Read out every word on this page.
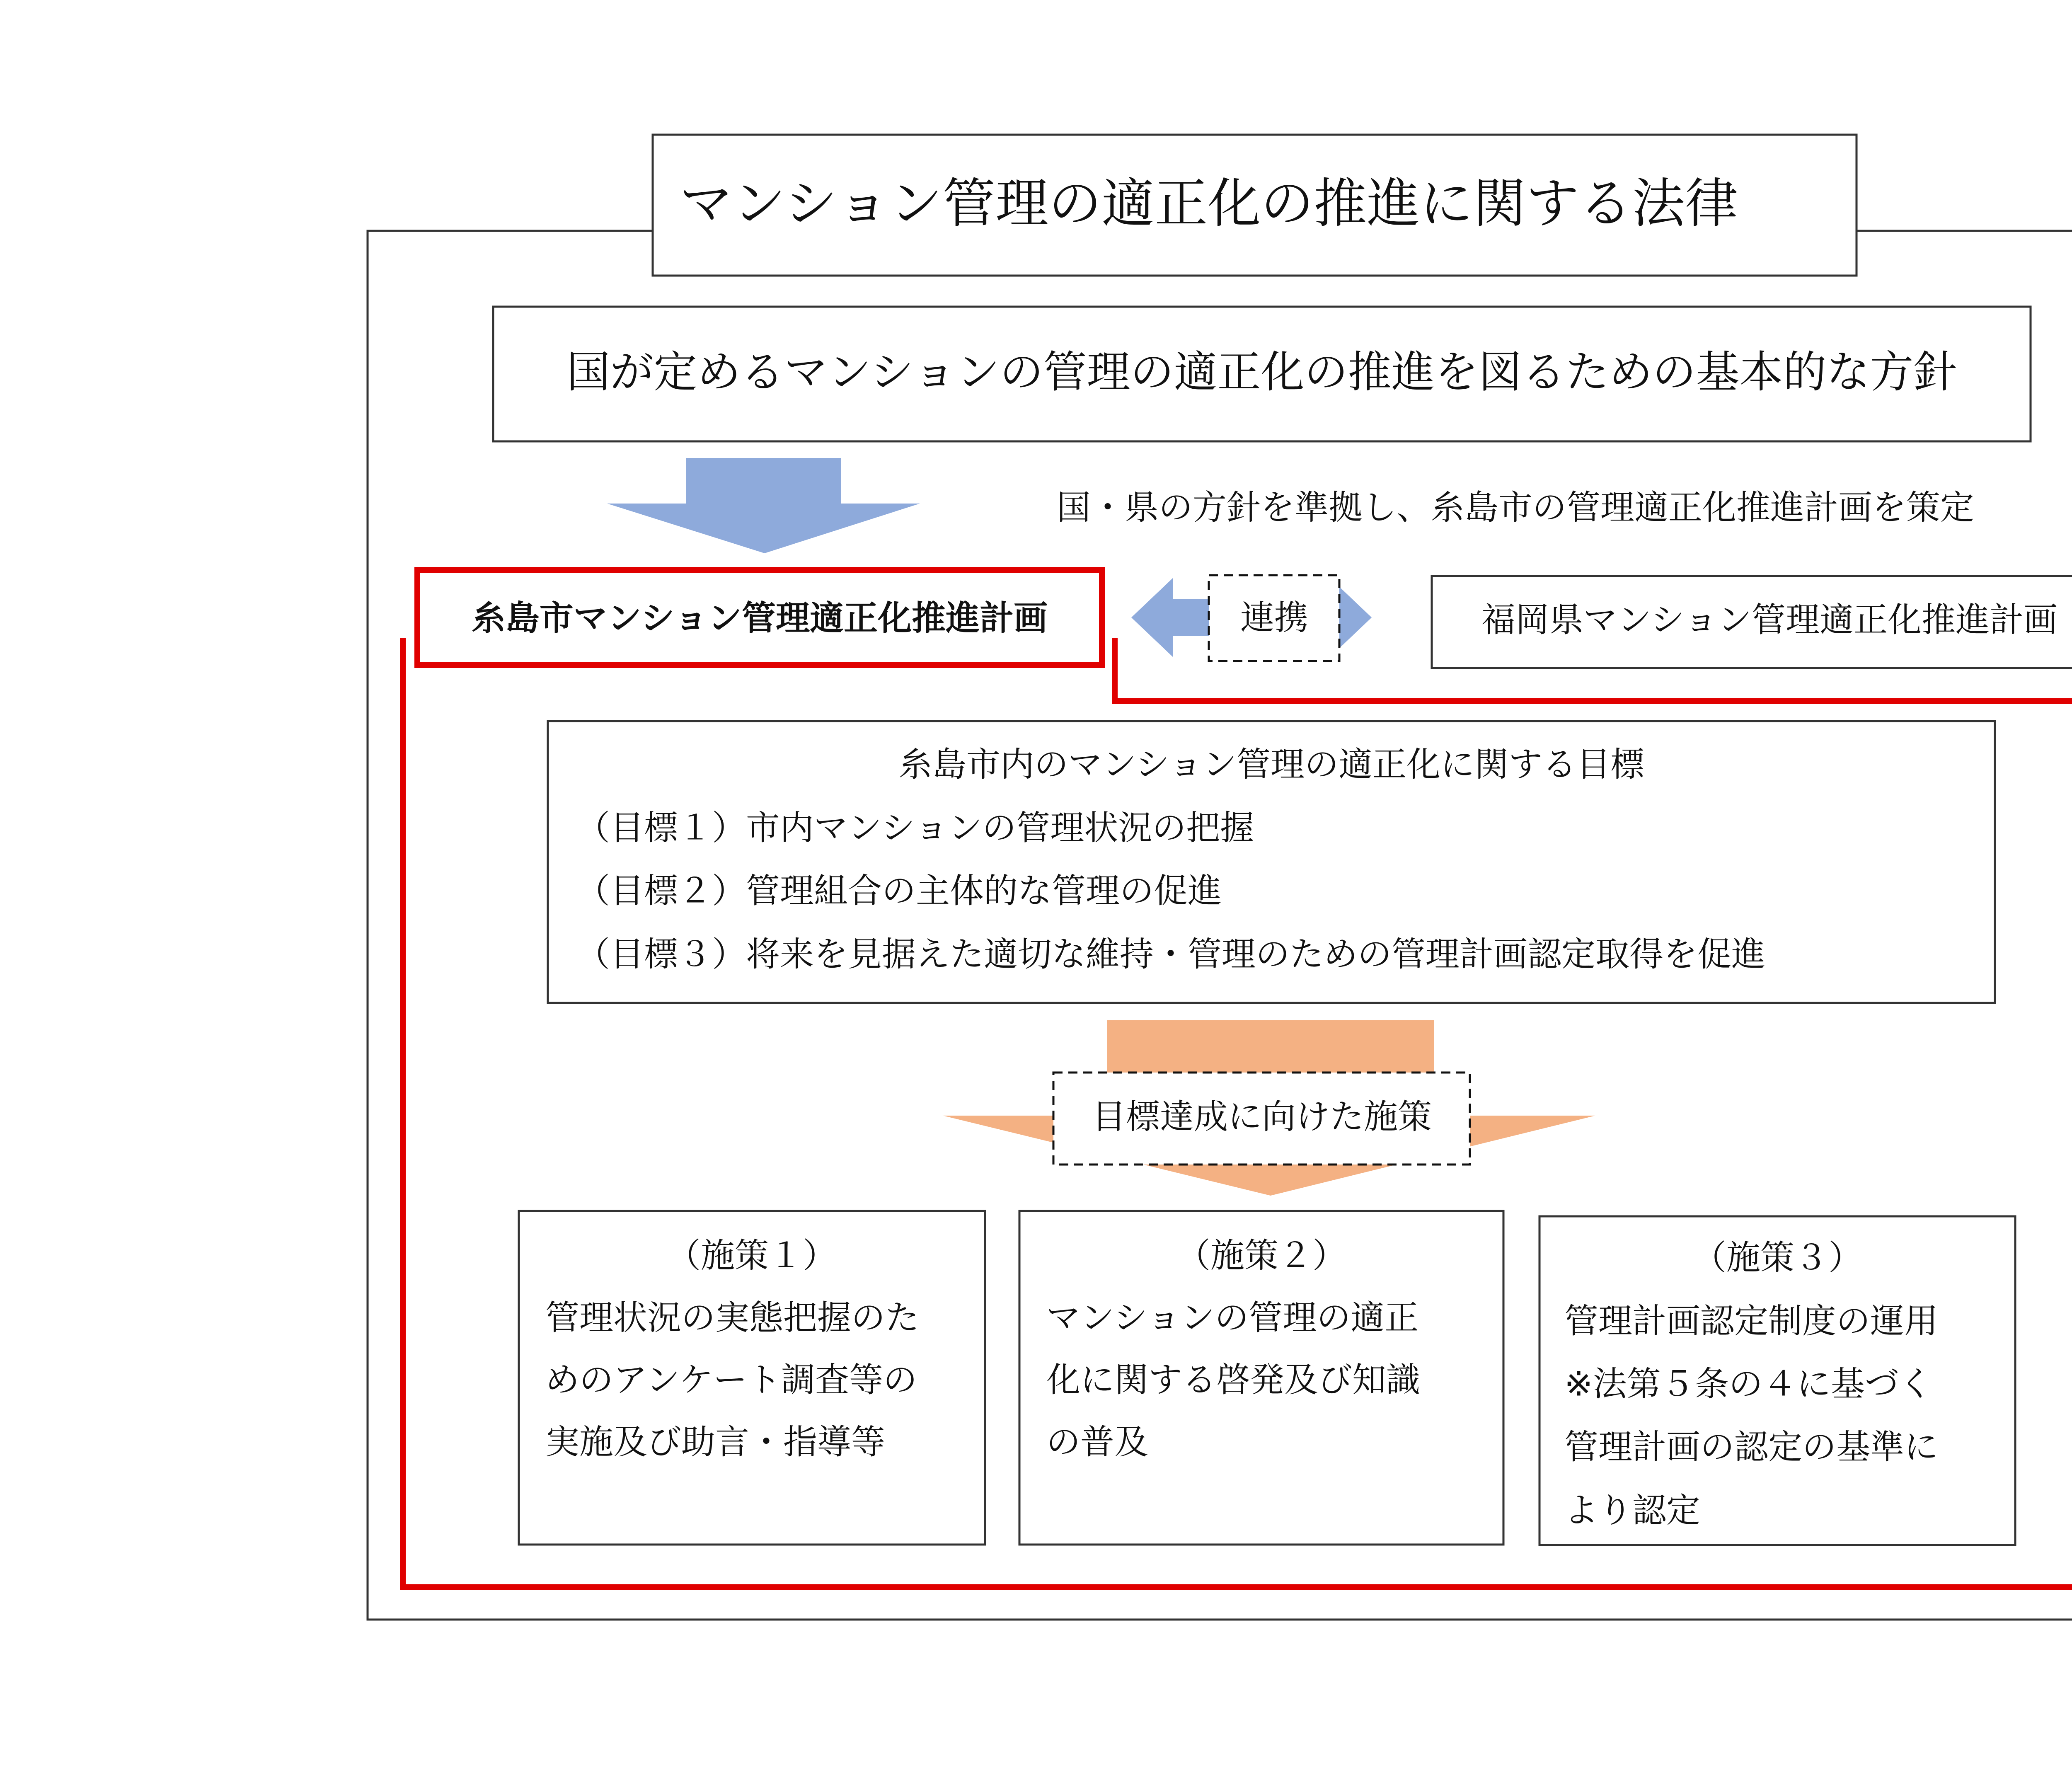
マンション管理の適正化の推進に関する法律
国が定めるマンションの管理の適正化の推進を図るための基本的な方針
国・県の方針を準拠し、糸島市の管理適正化推進計画を策定
糸島市マンション管理適正化推進計画	連携	福岡県マンション管理適正化推進計画
糸島市内のマンション管理の適正化に関する目標
（目標１）市内マンションの管理状況の把握
（目標２）管理組合の主体的な管理の促進
（目標３）将来を見据えた適切な維持・管理のための管理計画認定取得を促進
目標達成に向けた施策
（施策１）
管理状況の実態把握のた
めのアンケート調査等の
実施及び助言・指導等
（施策２）
マンションの管理の適正
化に関する啓発及び知識
の普及
（施策３）
管理計画認定制度の運用
※法第５条の４に基づく
管理計画の認定の基準に
より認定
